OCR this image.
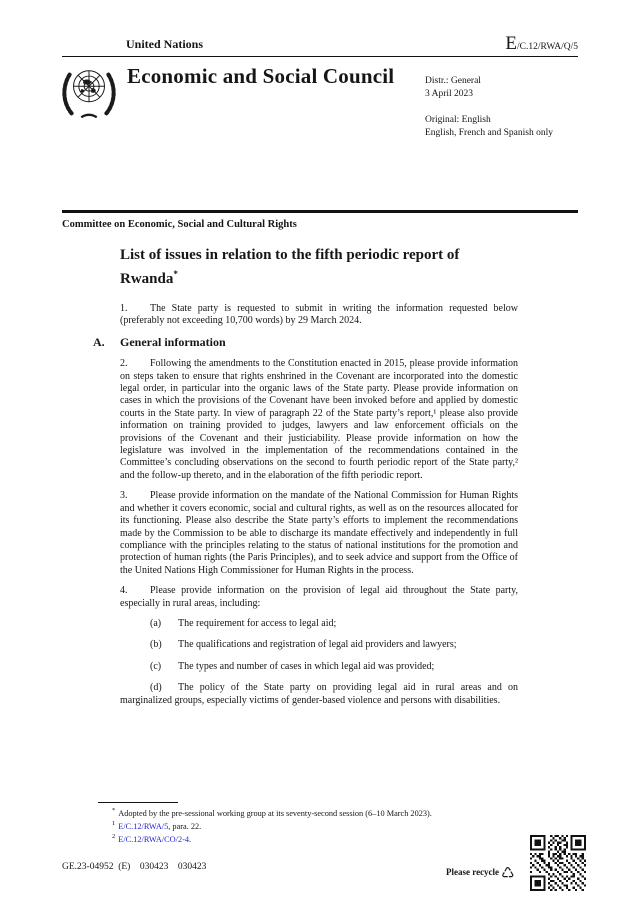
United Nations	E/C.12/RWA/Q/5
Economic and Social Council	Distr.: General
3 April 2023
Original: English
English, French and Spanish only
Committee on Economic, Social and Cultural Rights
List of issues in relation to the fifth periodic report of
Rwanda*

1. The State party is requested to submit in writing the information requested below (preferably not exceeding 10,700 words) by 29 March 2024.

A. General information

2. Following the amendments to the Constitution enacted in 2015, please provide information on steps taken to ensure that rights enshrined in the Covenant are incorporated into the domestic legal order, in particular into the organic laws of the State party. Please provide information on cases in which the provisions of the Covenant have been invoked before and applied by domestic courts in the State party. In view of paragraph 22 of the State party’s report,¹ please also provide information on training provided to judges, lawyers and law enforcement officials on the provisions of the Covenant and their justiciability. Please provide information on how the legislature was involved in the implementation of the recommendations contained in the Committee’s concluding observations on the second to fourth periodic report of the State party,² and the follow-up thereto, and in the elaboration of the fifth periodic report.

3. Please provide information on the mandate of the National Commission for Human Rights and whether it covers economic, social and cultural rights, as well as on the resources allocated for its functioning. Please also describe the State party’s efforts to implement the recommendations made by the Commission to be able to discharge its mandate effectively and independently in full compliance with the principles relating to the status of national institutions for the promotion and protection of human rights (the Paris Principles), and to seek advice and support from the Office of the United Nations High Commissioner for Human Rights in the process.

4. Please provide information on the provision of legal aid throughout the State party, especially in rural areas, including:

(a) The requirement for access to legal aid;

(b) The qualifications and registration of legal aid providers and lawyers;

(c) The types and number of cases in which legal aid was provided;

(d) The policy of the State party on providing legal aid in rural areas and on marginalized groups, especially victims of gender-based violence and persons with disabilities.

* Adopted by the pre-sessional working group at its seventy-second session (6–10 March 2023).
$^1$ E/C.12/RWA/5, para. 22.
$^2$ E/C.12/RWA/CO/2-4.
GE.23-04952  (E)    030423    030423	Please recycle ♺
